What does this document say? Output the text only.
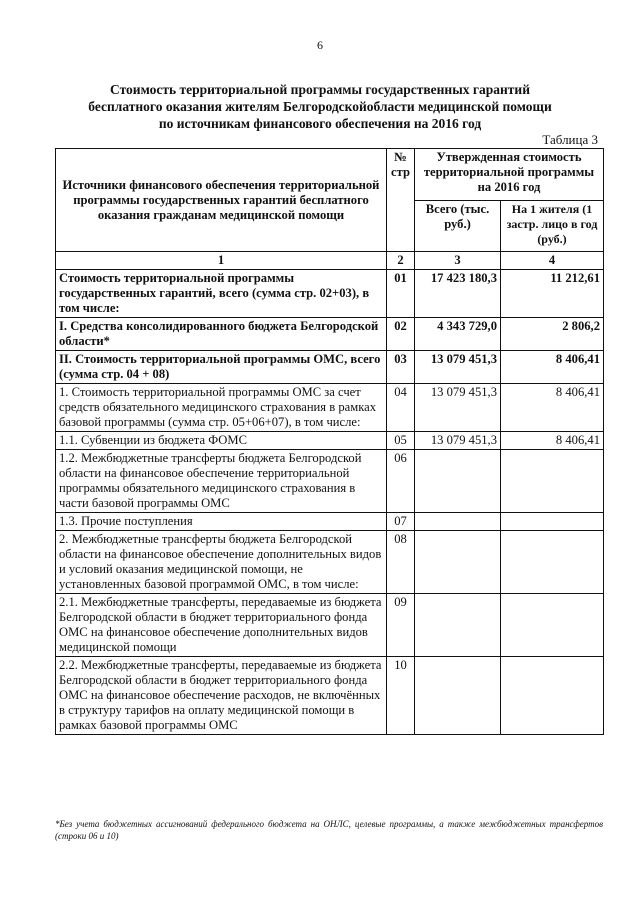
6
Стоимость территориальной программы государственных гарантий
бесплатного оказания жителям Белгородскойобласти медицинской помощи
по источникам финансового обеспечения на 2016 год
Таблица 3
Источники финансового обеспечения территориальной программы государственных гарантий бесплатного оказания гражданам медицинской помощи	№ стр	Утвержденная стоимость территориальной программы на 2016 год	
		Всего (тыс. руб.)	На 1 жителя (1 застр. лицо в год (руб.)
1	2	3	4
Стоимость территориальной программы государственных гарантий, всего (сумма стр. 02+03), в том числе:	01	17 423 180,3	11 212,61
I. Средства консолидированного бюджета Белгородской области*	02	4 343 729,0	2 806,2
II. Стоимость территориальной программы ОМС, всего (сумма стр. 04 + 08)	03	13 079 451,3	8 406,41
1. Стоимость территориальной программы ОМС за счет средств обязательного медицинского страхования в рамках базовой программы (сумма стр. 05+06+07), в том числе:	04	13 079 451,3	8 406,41
1.1. Субвенции из бюджета ФОМС	05	13 079 451,3	8 406,41
1.2. Межбюджетные трансферты бюджета Белгородской области на финансовое обеспечение территориальной программы обязательного медицинского страхования в части базовой программы ОМС	06		
1.3. Прочие поступления	07		
2. Межбюджетные трансферты бюджета Белгородской области на финансовое обеспечение дополнительных видов и условий оказания медицинской помощи, не установленных базовой программой ОМС, в том числе:	08		
2.1. Межбюджетные трансферты, передаваемые из бюджета Белгородской области в бюджет территориального фонда ОМС на финансовое обеспечение дополнительных видов медицинской помощи	09		
2.2. Межбюджетные трансферты, передаваемые из бюджета Белгородской области в бюджет территориального фонда ОМС на финансовое обеспечение расходов, не включённых в структуру тарифов на оплату медицинской помощи в рамках базовой программы ОМС	10		
*Без учета бюджетных ассигнований федерального бюджета на ОНЛС, целевые программы, а также межбюджетных трансфертов (строки 06 и 10)
